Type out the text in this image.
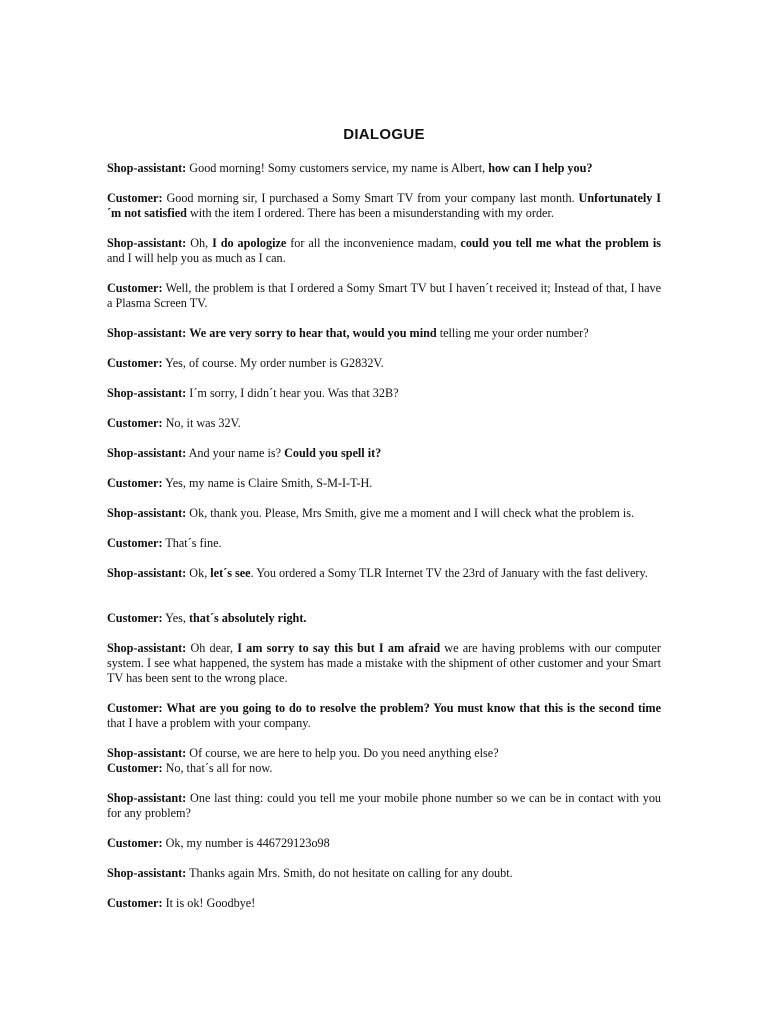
DIALOGUE
Shop-assistant: Good morning! Somy customers service, my name is Albert, how can I help you?
Customer: Good morning sir, I purchased a Somy Smart TV from your company last month. Unfortunately I´m not satisfied with the item I ordered. There has been a misunderstanding with my order.
Shop-assistant: Oh, I do apologize for all the inconvenience madam, could you tell me what the problem is and I will help you as much as I can.
Customer: Well, the problem is that I ordered a Somy Smart TV but I haven´t received it; Instead of that, I have a Plasma Screen TV.
Shop-assistant: We are very sorry to hear that, would you mind telling me your order number?
Customer: Yes, of course. My order number is G2832V.
Shop-assistant: I´m sorry, I didn´t hear you. Was that 32B?
Customer: No, it was 32V.
Shop-assistant: And your name is? Could you spell it?
Customer: Yes, my name is Claire Smith, S-M-I-T-H.
Shop-assistant: Ok, thank you. Please, Mrs Smith, give me a moment and I will check what the problem is.
Customer: That´s fine.
Shop-assistant: Ok, let´s see. You ordered a Somy TLR Internet TV the 23rd of January with the fast delivery.
Customer: Yes, that´s absolutely right.
Shop-assistant: Oh dear, I am sorry to say this but I am afraid we are having problems with our computer system. I see what happened, the system has made a mistake with the shipment of other customer and your Smart TV has been sent to the wrong place.
Customer: What are you going to do to resolve the problem? You must know that this is the second time that I have a problem with your company.
Shop-assistant: Of course, we are here to help you. Do you need anything else?
Customer: No, that´s all for now.
Shop-assistant: One last thing: could you tell me your mobile phone number so we can be in contact with you for any problem?
Customer: Ok, my number is 446729123o98
Shop-assistant: Thanks again Mrs. Smith, do not hesitate on calling for any doubt.
Customer: It is ok! Goodbye!
